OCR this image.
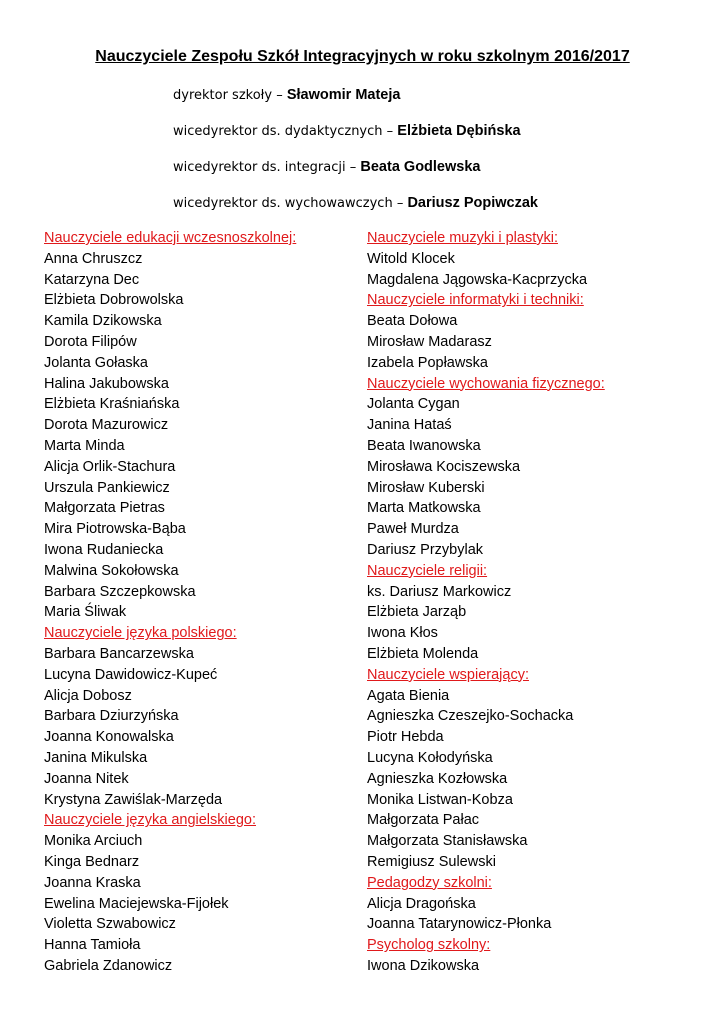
Nauczyciele Zespołu Szkół Integracyjnych w roku szkolnym 2016/2017
dyrektor szkoły – Sławomir Mateja
wicedyrektor ds. dydaktycznych – Elżbieta Dębińska
wicedyrektor ds. integracji – Beata Godlewska
wicedyrektor ds. wychowawczych – Dariusz Popiwczak
Nauczyciele edukacji wczesnoszkolnej:
Anna Chruszcz
Katarzyna Dec
Elżbieta Dobrowolska
Kamila Dzikowska
Dorota Filipów
Jolanta Gołaska
Halina Jakubowska
Elżbieta Kraśniańska
Dorota Mazurowicz
Marta Minda
Alicja Orlik-Stachura
Urszula Pankiewicz
Małgorzata Pietras
Mira Piotrowska-Bąba
Iwona Rudaniecka
Malwina Sokołowska
Barbara Szczepkowska
Maria Śliwak
Nauczyciele języka polskiego:
Barbara Bancarzewska
Lucyna Dawidowicz-Kupeć
Alicja Dobosz
Barbara Dziurzyńska
Joanna Konowalska
Janina Mikulska
Joanna Nitek
Krystyna Zawiślak-Marzęda
Nauczyciele języka angielskiego:
Monika Arciuch
Kinga Bednarz
Joanna Kraska
Ewelina Maciejewska-Fijołek
Violetta Szwabowicz
Hanna Tamioła
Gabriela Zdanowicz
Nauczyciele muzyki i plastyki:
Witold Klocek
Magdalena Jągowska-Kacprzycka
Nauczyciele informatyki i techniki:
Beata Dołowa
Mirosław Madarasz
Izabela Popławska
Nauczyciele wychowania fizycznego:
Jolanta Cygan
Janina Hataś
Beata Iwanowska
Mirosława Kociszewska
Mirosław Kuberski
Marta Matkowska
Paweł Murdza
Dariusz Przybylak
Nauczyciele religii:
ks. Dariusz Markowicz
Elżbieta Jarząb
Iwona Kłos
Elżbieta Molenda
Nauczyciele wspierający:
Agata Bienia
Agnieszka Czeszejko-Sochacka
Piotr Hebda
Lucyna Kołodyńska
Agnieszka Kozłowska
Monika Listwan-Kobza
Małgorzata Pałac
Małgorzata Stanisławska
Remigiusz Sulewski
Pedagodzy szkolni:
Alicja Dragońska
Joanna Tatarynowicz-Płonka
Psycholog szkolny:
Iwona Dzikowska
